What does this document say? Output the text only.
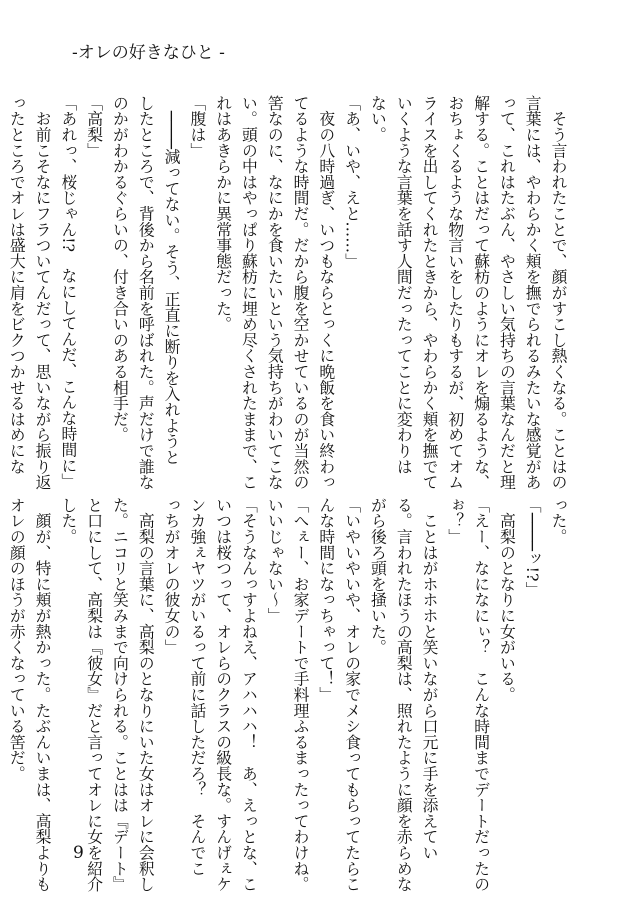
-オレの好きなひと -
　そう言われたことで、顔がすこし熱くなる。ことはの
言葉には、やわらかく頬を撫でられるみたいな感覚があ
って、これはたぶん、やさしい気持ちの言葉なんだと理
解する。ことはだって蘇枋のようにオレを煽るような、
おちょくるような物言いをしたりもするが、初めてオム
ライスを出してくれたときから、やわらかく頬を撫でて
いくような言葉を話す人間だったってことに変わりは
ない。
「あ、いや、えと……」
　夜の八時過ぎ、いつもならとっくに晩飯を食い終わっ
てるような時間だ。だから腹を空かせているのが当然の
筈なのに、なにかを食いたいという気持ちがわいてこな
い。頭の中はやっぱり蘇枋に埋め尽くされたままで、こ
れはあきらかに異常事態だった。
「腹は」
　────減ってない。そう、正直に断りを入れようと
したところで、背後から名前を呼ばれた。声だけで誰な
のかがわかるぐらいの、付き合いのある相手だ。
「高梨」
「あれっ、桜じゃん!?　なにしてんだ、こんな時間に」
　お前こそなにフラついてんだって、思いながら振り返
ったところでオレは盛大に肩をビクつかせるはめにな
った。
「────ッ!?」
　高梨のとなりに女がいる。
「えー、なになにぃ？　こんな時間までデートだったの
ぉ？」
　ことはがホホホと笑いながら口元に手を添えてい
る。言われたほうの高梨は、照れたように顔を赤らめな
がら後ろ頭を掻いた。
「いやいやいや、オレの家でメシ食ってもらってたらこ
んな時間になっちゃって！」
「へぇー、お家デートで手料理ふるまったってわけね。
いいじゃない～」
「そうなんっすよねえ、アハハハ！　あ、えっとな、こ
いつは桜つって、オレらのクラスの級長な。すんげぇケ
ンカ強ぇヤツがいるって前に話しただろ？　そんでこ
っちがオレの彼女の」
　高梨の言葉に、高梨のとなりにいた女はオレに会釈し
た。ニコリと笑みまで向けられる。ことはは『デート』
と口にして、高梨は『彼女』だと言ってオレに女を紹介
した。
　顔が、特に頬が熱かった。たぶんいまは、高梨よりも
オレの顔のほうが赤くなっている筈だ。
9
